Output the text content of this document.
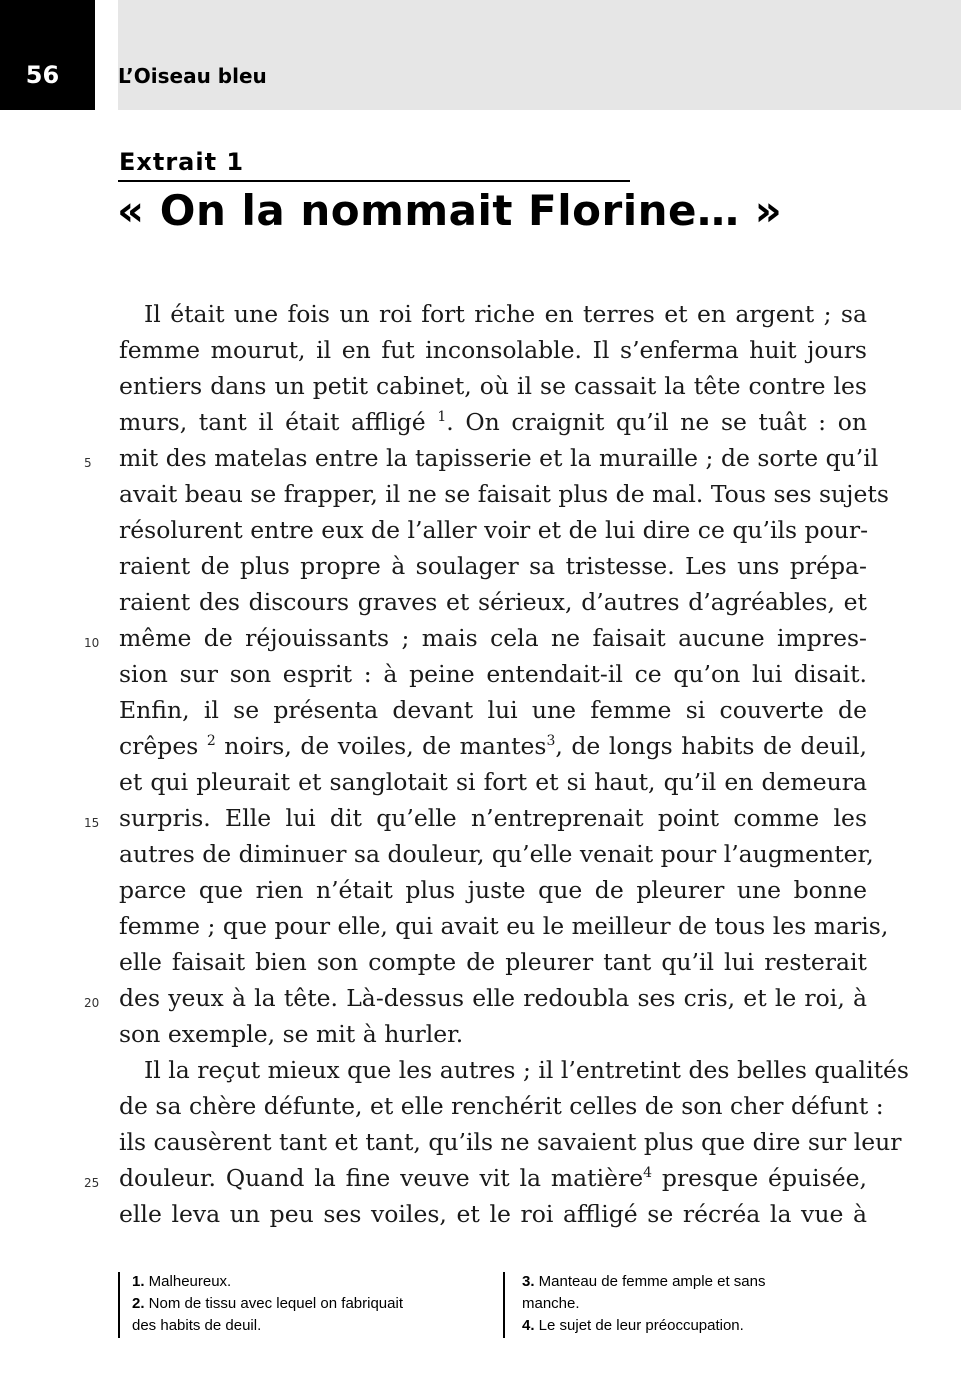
56	L’Oiseau bleu
Extrait 1
« On la nommait Florine… »
Il était une fois un roi fort riche en terres et en argent ; sa
femme mourut, il en fut inconsolable. Il s’enferma huit jours
entiers dans un petit cabinet, où il se cassait la tête contre les
murs, tant il était affligé $^1$. On craignit qu’il ne se tuât : on
mit des matelas entre la tapisserie et la muraille ; de sorte qu’il
avait beau se frapper, il ne se faisait plus de mal. Tous ses sujets
résolurent entre eux de l’aller voir et de lui dire ce qu’ils pour-
raient de plus propre à soulager sa tristesse. Les uns prépa-
raient des discours graves et sérieux, d’autres d’agréables, et
même de réjouissants ; mais cela ne faisait aucune impres-
sion sur son esprit : à peine entendait-il ce qu’on lui disait.
Enfin, il se présenta devant lui une femme si couverte de
crêpes $^2$ noirs, de voiles, de mantes$^3$, de longs habits de deuil,
et qui pleurait et sanglotait si fort et si haut, qu’il en demeura
surpris. Elle lui dit qu’elle n’entreprenait point comme les
autres de diminuer sa douleur, qu’elle venait pour l’augmenter,
parce que rien n’était plus juste que de pleurer une bonne
femme ; que pour elle, qui avait eu le meilleur de tous les maris,
elle faisait bien son compte de pleurer tant qu’il lui resterait
des yeux à la tête. Là-dessus elle redoubla ses cris, et le roi, à
son exemple, se mit à hurler.
Il la reçut mieux que les autres ; il l’entretint des belles qualités
de sa chère défunte, et elle renchérit celles de son cher défunt :
ils causèrent tant et tant, qu’ils ne savaient plus que dire sur leur
douleur. Quand la fine veuve vit la matière$^4$ presque épuisée,
elle leva un peu ses voiles, et le roi affligé se récréa la vue à
5
10
15
20
25
1. Malheureux.
2. Nom de tissu avec lequel on fabriquait
des habits de deuil.
3. Manteau de femme ample et sans
manche.
4. Le sujet de leur préoccupation.
